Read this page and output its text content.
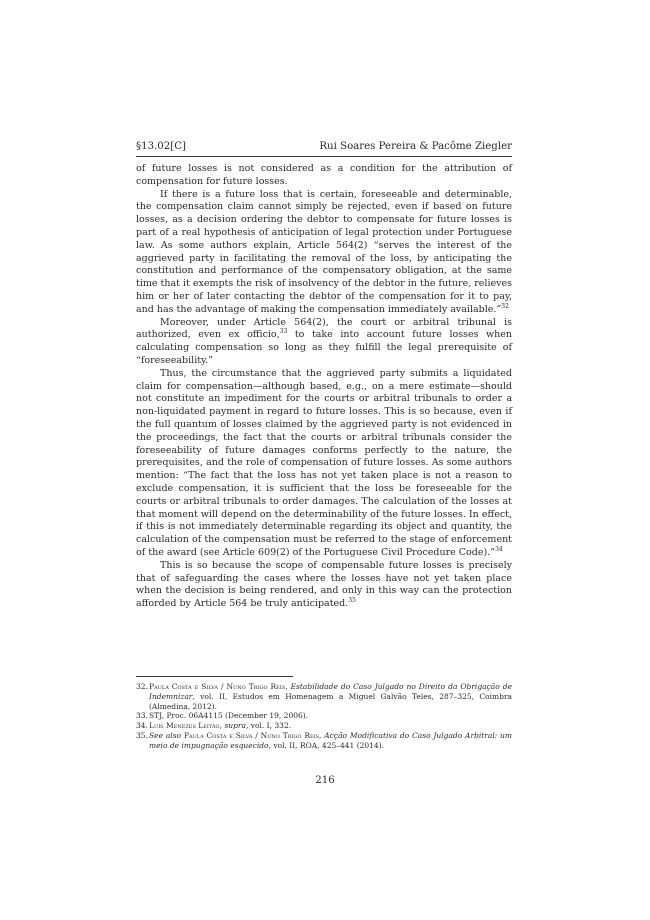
§13.02[C]	Rui Soares Pereira & Pacôme Ziegler

of future losses is not considered as a condition for the attribution of compensation for future losses.

If there is a future loss that is certain, foreseeable and determinable, the compensation claim cannot simply be rejected, even if based on future losses, as a decision ordering the debtor to compensate for future losses is part of a real hypothesis of anticipation of legal protection under Portuguese law. As some authors explain, Article 564(2) “serves the interest of the aggrieved party in facilitating the removal of the loss, by anticipating the constitution and performance of the compensatory obligation, at the same time that it exempts the risk of insolvency of the debtor in the future, relieves him or her of later contacting the debtor of the compensation for it to pay, and has the advantage of making the compensation immediately available.”$^{32}$

Moreover, under Article 564(2), the court or arbitral tribunal is authorized, even ex officio,$^{33}$ to take into account future losses when calculating compensation so long as they fulfill the legal prerequisite of “foreseeability.”

Thus, the circumstance that the aggrieved party submits a liquidated claim for compensation—although based, e.g., on a mere estimate—should not constitute an impediment for the courts or arbitral tribunals to order a non-liquidated payment in regard to future losses. This is so because, even if the full quantum of losses claimed by the aggrieved party is not evidenced in the proceedings, the fact that the courts or arbitral tribunals consider the foreseeability of future damages conforms perfectly to the nature, the prerequisites, and the role of compensation of future losses. As some authors mention: “The fact that the loss has not yet taken place is not a reason to exclude compensation, it is sufficient that the loss be foreseeable for the courts or arbitral tribunals to order damages. The calculation of the losses at that moment will depend on the determinability of the future losses. In effect, if this is not immediately determinable regarding its object and quantity, the calculation of the compensation must be referred to the stage of enforcement of the award (see Article 609(2) of the Portuguese Civil Procedure Code).”$^{34}$

This is so because the scope of compensable future losses is precisely that of safeguarding the cases where the losses have not yet taken place when the decision is being rendered, and only in this way can the protection afforded by Article 564 be truly anticipated.$^{35}$

32. Paula Costa e Silva / Nuno Trigo Reis, Estabilidade do Caso Julgado no Direito da Obrigação de Indemnizar, vol. II, Estudos em Homenagem a Miguel Galvão Teles, 287–325, Coimbra (Almedina, 2012).
33. STJ, Proc. 06A4115 (December 19, 2006).
34. Luís Menezes Leitão, supra, vol. I, 332.
35. See also Paula Costa e Silva / Nuno Trigo Reis, Acção Modificativa do Caso Julgado Arbitral: um meio de impugnação esquecido, vol. II, ROA, 425–441 (2014).
216
